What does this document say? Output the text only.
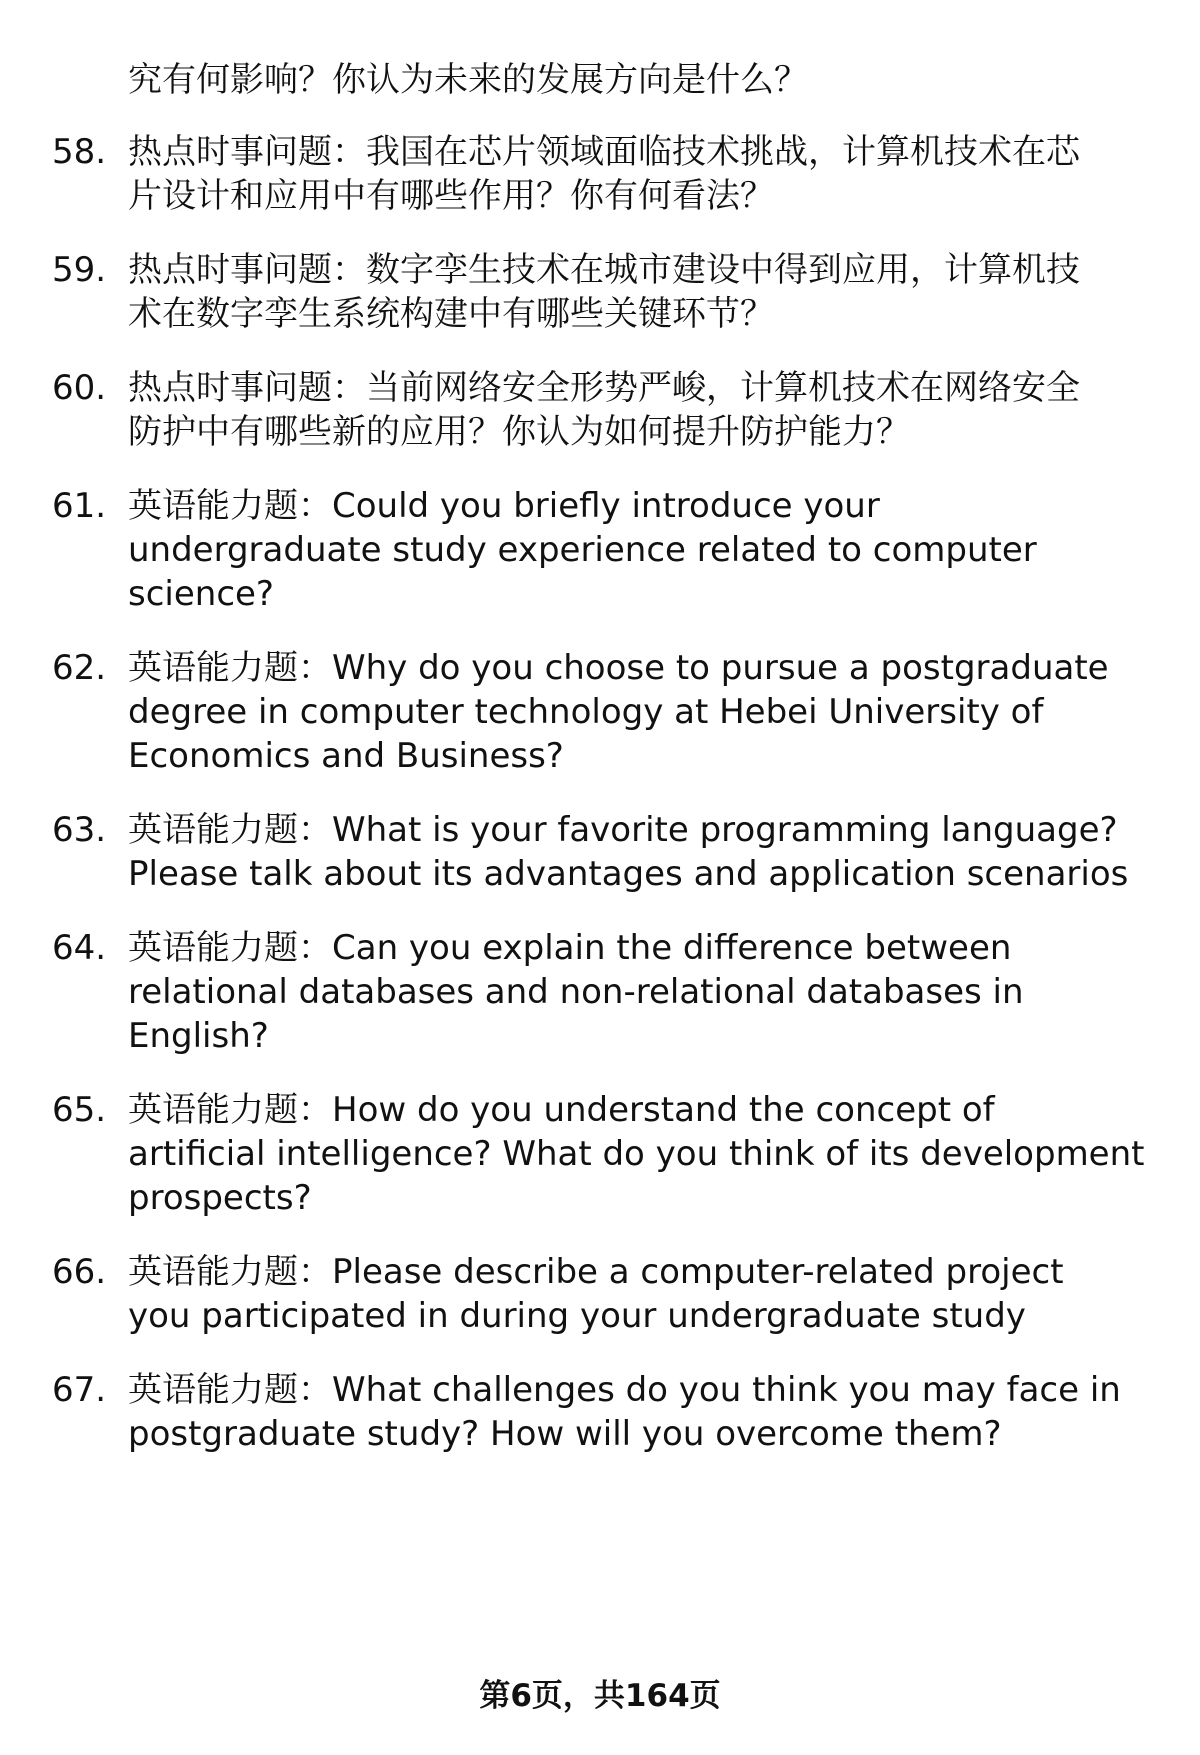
究有何影响？你认为未来的发展方向是什么？
58. 热点时事问题：我国在芯片领域面临技术挑战，计算机技术在芯
片设计和应用中有哪些作用？你有何看法？
59. 热点时事问题：数字孪生技术在城市建设中得到应用，计算机技
术在数字孪生系统构建中有哪些关键环节？
60. 热点时事问题：当前网络安全形势严峻，计算机技术在网络安全
防护中有哪些新的应用？你认为如何提升防护能力？
61. 英语能力题：Could you briefly introduce your
undergraduate study experience related to computer
science?
62. 英语能力题：Why do you choose to pursue a postgraduate
degree in computer technology at Hebei University of
Economics and Business?
63. 英语能力题：What is your favorite programming language?
Please talk about its advantages and application scenarios
64. 英语能力题：Can you explain the difference between
relational databases and non-relational databases in
English?
65. 英语能力题：How do you understand the concept of
artificial intelligence? What do you think of its development
prospects?
66. 英语能力题：Please describe a computer-related project
you participated in during your undergraduate study
67. 英语能力题：What challenges do you think you may face in
postgraduate study? How will you overcome them?
第6页，共164页
